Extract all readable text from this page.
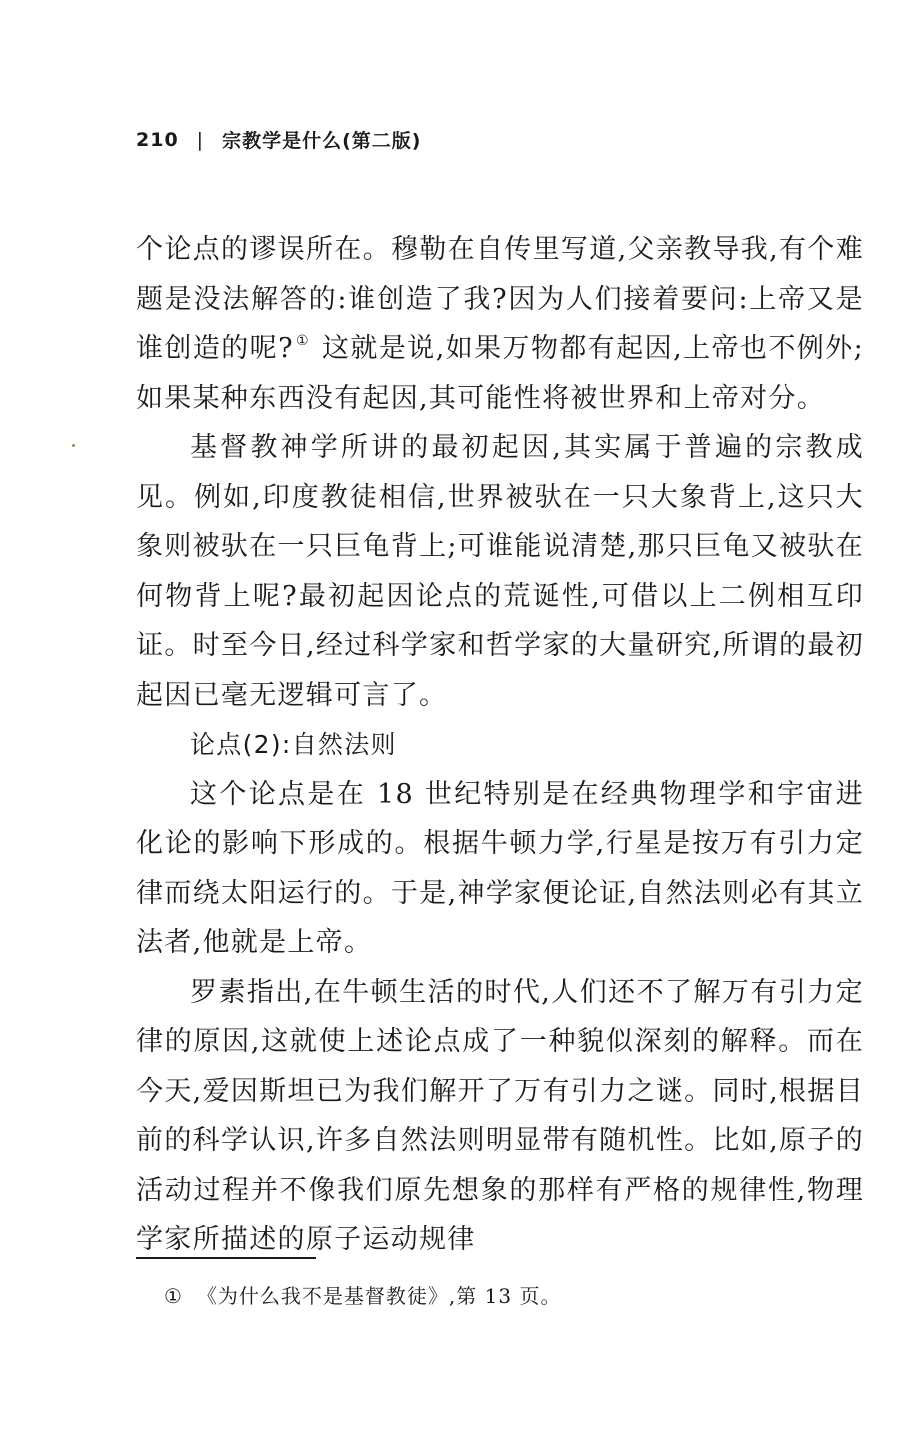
210 | 宗教学是什么(第二版)

个论点的谬误所在。穆勒在自传里写道,父亲教导我,有个难题是没法解答的:谁创造了我?因为人们接着要问:上帝又是谁创造的呢? ① 这就是说,如果万物都有起因,上帝也不例外;如果某种东西没有起因,其可能性将被世界和上帝对分。

基督教神学所讲的最初起因,其实属于普遍的宗教成见。例如,印度教徒相信,世界被驮在一只大象背上,这只大象则被驮在一只巨龟背上;可谁能说清楚,那只巨龟又被驮在何物背上呢?最初起因论点的荒诞性,可借以上二例相互印证。时至今日,经过科学家和哲学家的大量研究,所谓的最初起因已毫无逻辑可言了。

论点(2):自然法则

这个论点是在 18 世纪特别是在经典物理学和宇宙进化论的影响下形成的。根据牛顿力学,行星是按万有引力定律而绕太阳运行的。于是,神学家便论证,自然法则必有其立法者,他就是上帝。

罗素指出,在牛顿生活的时代,人们还不了解万有引力定律的原因,这就使上述论点成了一种貌似深刻的解释。而在今天,爱因斯坦已为我们解开了万有引力之谜。同时,根据目前的科学认识,许多自然法则明显带有随机性。比如,原子的活动过程并不像我们原先想象的那样有严格的规律性,物理学家所描述的原子运动规律

① 《为什么我不是基督教徒》,第 13 页。
